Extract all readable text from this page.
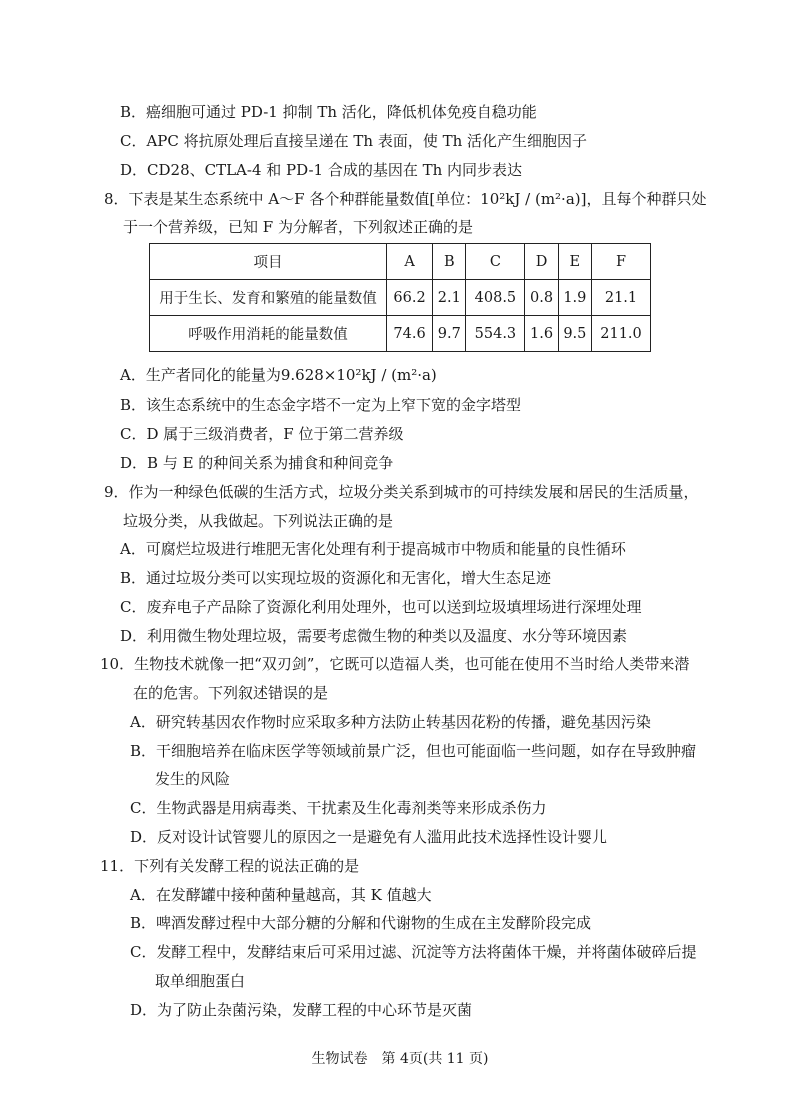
B．癌细胞可通过 PD-1 抑制 Th 活化，降低机体免疫自稳功能
C．APC 将抗原处理后直接呈递在 Th 表面，使 Th 活化产生细胞因子
D．CD28、CTLA-4 和 PD-1 合成的基因在 Th 内同步表达
8．下表是某生态系统中 A～F 各个种群能量数值[单位：10²kJ / (m²·a)]，且每个种群只处
于一个营养级，已知 F 为分解者，下列叙述正确的是
项目	A	B	C	D	E	F
用于生长、发育和繁殖的能量数值	66.2	2.1	408.5	0.8	1.9	21.1
呼吸作用消耗的能量数值	74.6	9.7	554.3	1.6	9.5	211.0
A．生产者同化的能量为9.628×10²kJ / (m²·a)
B．该生态系统中的生态金字塔不一定为上窄下宽的金字塔型
C．D 属于三级消费者，F 位于第二营养级
D．B 与 E 的种间关系为捕食和种间竞争
9．作为一种绿色低碳的生活方式，垃圾分类关系到城市的可持续发展和居民的生活质量，
垃圾分类，从我做起。下列说法正确的是
A．可腐烂垃圾进行堆肥无害化处理有利于提高城市中物质和能量的良性循环
B．通过垃圾分类可以实现垃圾的资源化和无害化，增大生态足迹
C．废弃电子产品除了资源化利用处理外，也可以送到垃圾填埋场进行深埋处理
D．利用微生物处理垃圾，需要考虑微生物的种类以及温度、水分等环境因素
10．生物技术就像一把“双刃剑”，它既可以造福人类，也可能在使用不当时给人类带来潜
在的危害。下列叙述错误的是
A．研究转基因农作物时应采取多种方法防止转基因花粉的传播，避免基因污染
B．干细胞培养在临床医学等领域前景广泛，但也可能面临一些问题，如存在导致肿瘤
发生的风险
C．生物武器是用病毒类、干扰素及生化毒剂类等来形成杀伤力
D．反对设计试管婴儿的原因之一是避免有人滥用此技术选择性设计婴儿
11．下列有关发酵工程的说法正确的是
A．在发酵罐中接种菌种量越高，其 K 值越大
B．啤酒发酵过程中大部分糖的分解和代谢物的生成在主发酵阶段完成
C．发酵工程中，发酵结束后可采用过滤、沉淀等方法将菌体干燥，并将菌体破碎后提
取单细胞蛋白
D．为了防止杂菌污染，发酵工程的中心环节是灭菌
生物试卷　第 4页(共 11 页)
